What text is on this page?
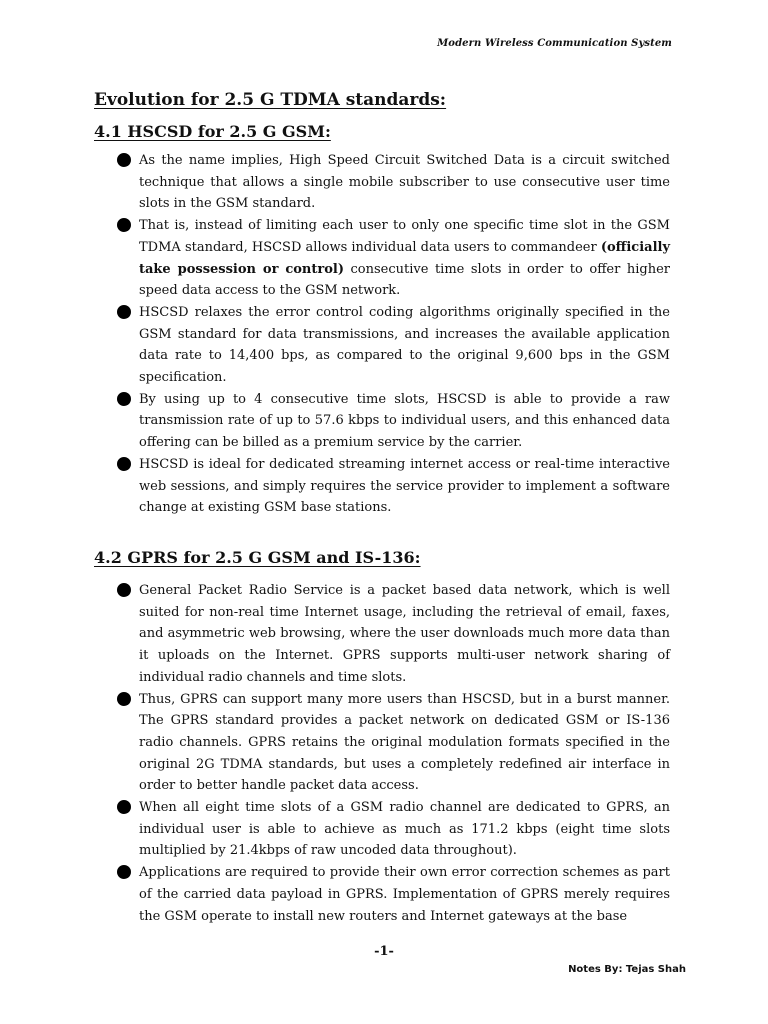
Modern Wireless Communication System
Evolution for 2.5 G TDMA standards:
4.1 HSCSD for 2.5 G GSM:
As the name implies, High Speed Circuit Switched Data is a circuit switched technique that allows a single mobile subscriber to use consecutive user time slots in the GSM standard.
That is, instead of limiting each user to only one specific time slot in the GSM TDMA standard, HSCSD allows individual data users to commandeer (officially take possession or control) consecutive time slots in order to offer higher speed data access to the GSM network.
HSCSD relaxes the error control coding algorithms originally specified in the GSM standard for data transmissions, and increases the available application data rate to 14,400 bps, as compared to the original 9,600 bps in the GSM specification.
By using up to 4 consecutive time slots, HSCSD is able to provide a raw transmission rate of up to 57.6 kbps to individual users, and this enhanced data offering can be billed as a premium service by the carrier.
HSCSD is ideal for dedicated streaming internet access or real-time interactive web sessions, and simply requires the service provider to implement a software change at existing GSM base stations.
4.2 GPRS for 2.5 G GSM and IS-136:
General Packet Radio Service is a packet based data network, which is well suited for non-real time Internet usage, including the retrieval of email, faxes, and asymmetric web browsing, where the user downloads much more data than it uploads on the Internet. GPRS supports multi-user network sharing of individual radio channels and time slots.
Thus, GPRS can support many more users than HSCSD, but in a burst manner. The GPRS standard provides a packet network on dedicated GSM or IS-136 radio channels. GPRS retains the original modulation formats specified in the original 2G TDMA standards, but uses a completely redefined air interface in order to better handle packet data access.
When all eight time slots of a GSM radio channel are dedicated to GPRS, an individual user is able to achieve as much as 171.2 kbps (eight time slots multiplied by 21.4kbps of raw uncoded data throughout).
Applications are required to provide their own error correction schemes as part of the carried data payload in GPRS. Implementation of GPRS merely requires the GSM operate to install new routers and Internet gateways at the base
-1-
Notes By: Tejas Shah
